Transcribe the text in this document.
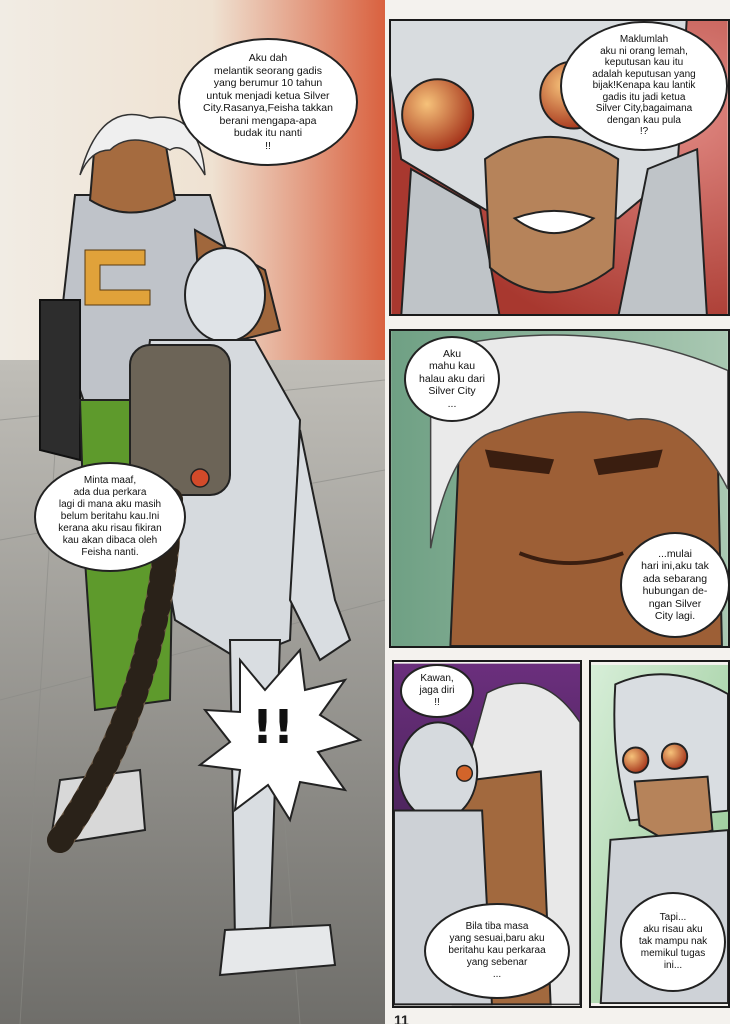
!!
Aku dah
melantik seorang gadis
yang berumur 10 tahun
untuk menjadi ketua Silver
City.Rasanya,Feisha takkan
berani mengapa-apa
budak itu nanti
!!
Minta maaf,
ada dua perkara
lagi di mana aku masih
belum beritahu kau.Ini
kerana aku risau fikiran
kau akan dibaca oleh
Feisha nanti.
Maklumlah
aku ni orang lemah,
keputusan kau itu
adalah keputusan yang
bijak!Kenapa kau lantik
gadis itu jadi ketua
Silver City,bagaimana
dengan kau pula
!?
Aku
mahu kau
halau aku dari
Silver City
...
...mulai
hari ini,aku tak
ada sebarang
hubungan de-
ngan Silver
City lagi.
Kawan,
jaga diri
!!
Bila tiba masa
yang sesuai,baru aku
beritahu kau perkaraa
yang sebenar
...
Tapi...
aku risau aku
tak mampu nak
memikul tugas
ini...
11
